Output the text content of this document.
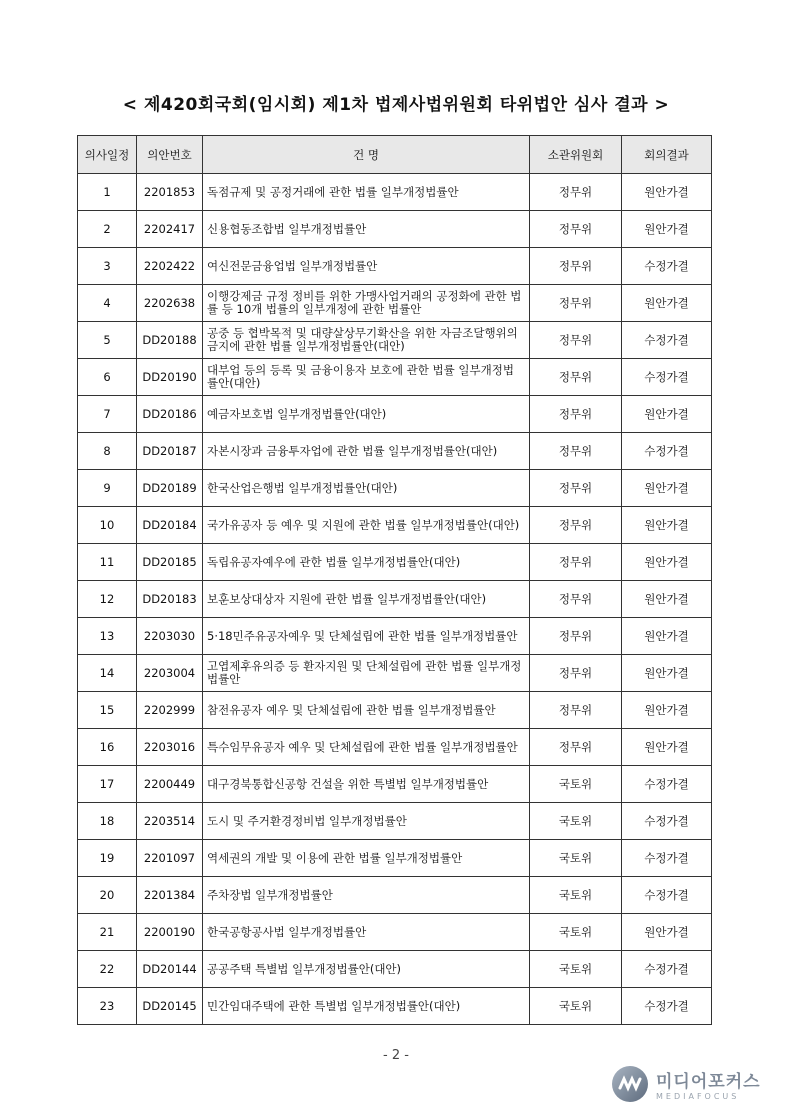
< 제420회국회(임시회) 제1차 법제사법위원회 타위법안 심사 결과 >
의사일정	의안번호	건 명	소관위원회	회의결과
1	2201853	독점규제 및 공정거래에 관한 법률 일부개정법률안	정무위	원안가결
2	2202417	신용협동조합법 일부개정법률안	정무위	원안가결
3	2202422	여신전문금융업법 일부개정법률안	정무위	수정가결
4	2202638	이행강제금 규정 정비를 위한 가맹사업거래의 공정화에 관한 법률 등 10개 법률의 일부개정에 관한 법률안	정무위	원안가결
5	DD20188	공중 등 협박목적 및 대량살상무기확산을 위한 자금조달행위의 금지에 관한 법률 일부개정법률안(대안)	정무위	수정가결
6	DD20190	대부업 등의 등록 및 금융이용자 보호에 관한 법률 일부개정법률안(대안)	정무위	수정가결
7	DD20186	예금자보호법 일부개정법률안(대안)	정무위	원안가결
8	DD20187	자본시장과 금융투자업에 관한 법률 일부개정법률안(대안)	정무위	수정가결
9	DD20189	한국산업은행법 일부개정법률안(대안)	정무위	원안가결
10	DD20184	국가유공자 등 예우 및 지원에 관한 법률 일부개정법률안(대안)	정무위	원안가결
11	DD20185	독립유공자예우에 관한 법률 일부개정법률안(대안)	정무위	원안가결
12	DD20183	보훈보상대상자 지원에 관한 법률 일부개정법률안(대안)	정무위	원안가결
13	2203030	5·18민주유공자예우 및 단체설립에 관한 법률 일부개정법률안	정무위	원안가결
14	2203004	고엽제후유의증 등 환자지원 및 단체설립에 관한 법률 일부개정법률안	정무위	원안가결
15	2202999	참전유공자 예우 및 단체설립에 관한 법률 일부개정법률안	정무위	원안가결
16	2203016	특수임무유공자 예우 및 단체설립에 관한 법률 일부개정법률안	정무위	원안가결
17	2200449	대구경북통합신공항 건설을 위한 특별법 일부개정법률안	국토위	수정가결
18	2203514	도시 및 주거환경정비법 일부개정법률안	국토위	수정가결
19	2201097	역세권의 개발 및 이용에 관한 법률 일부개정법률안	국토위	수정가결
20	2201384	주차장법 일부개정법률안	국토위	수정가결
21	2200190	한국공항공사법 일부개정법률안	국토위	원안가결
22	DD20144	공공주택 특별법 일부개정법률안(대안)	국토위	수정가결
23	DD20145	민간임대주택에 관한 특별법 일부개정법률안(대안)	국토위	수정가결
- 2 -
미디어포커스
MEDIAFOCUS
